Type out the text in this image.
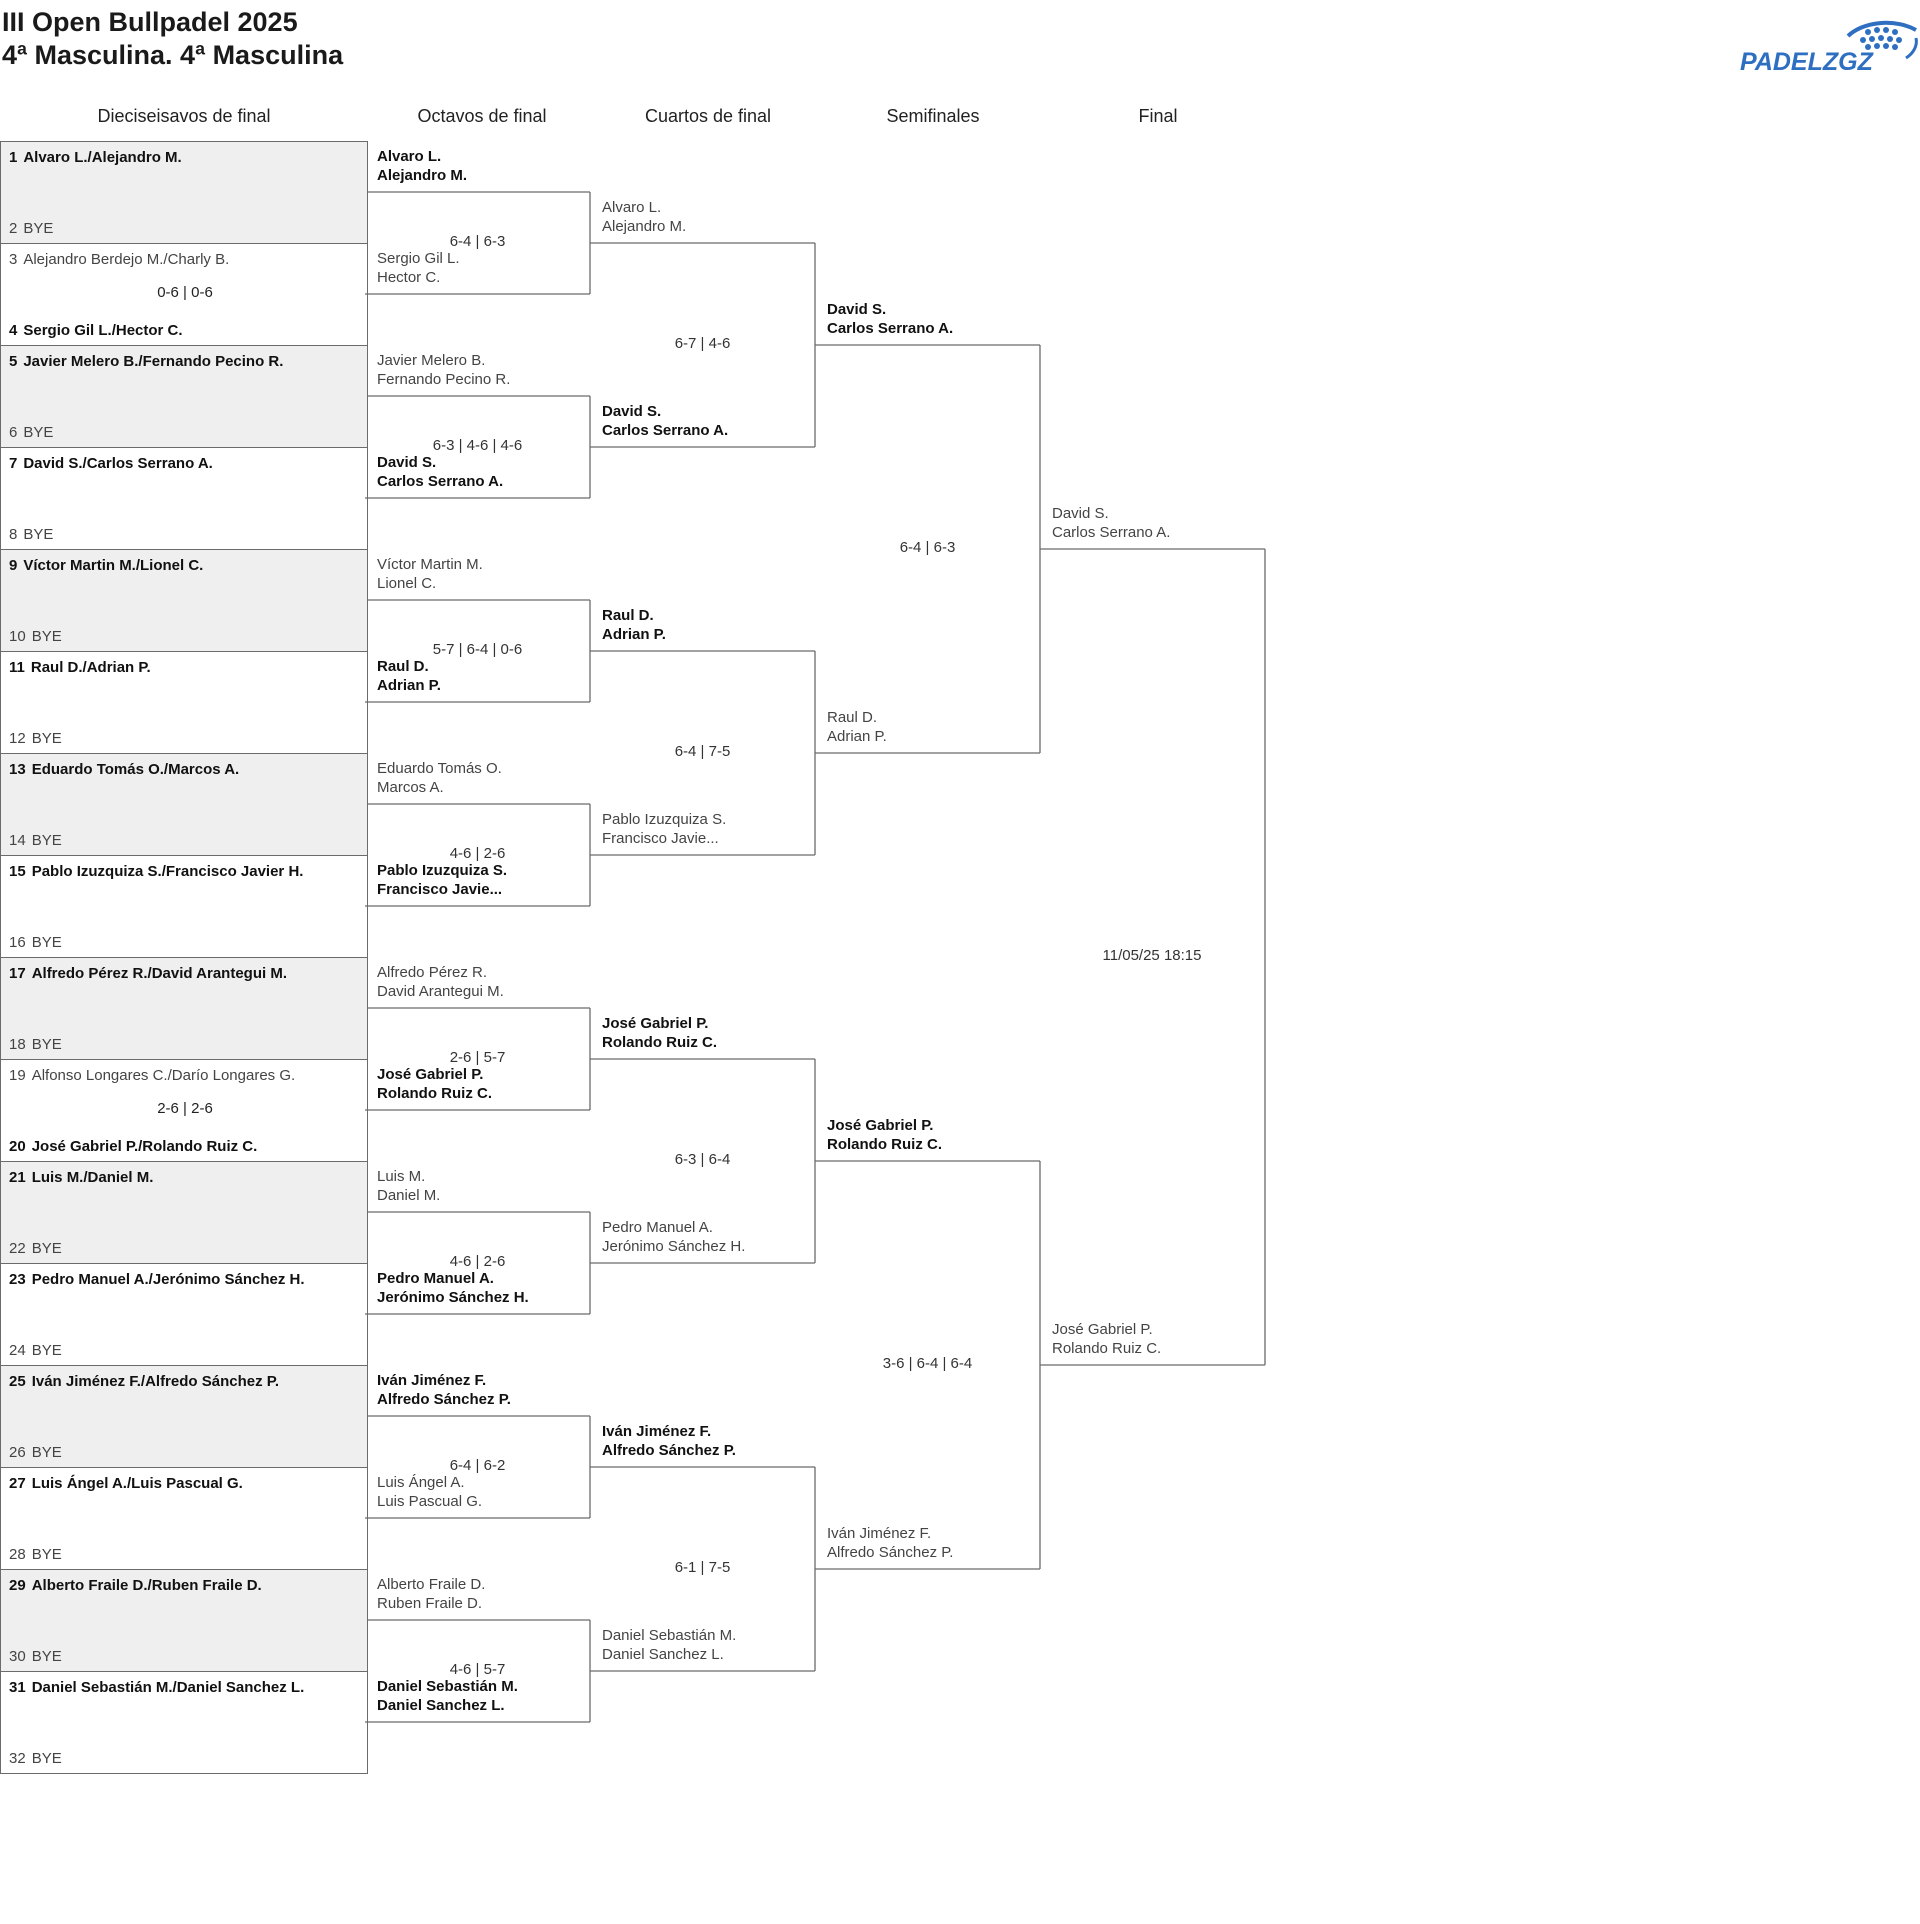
III Open Bullpadel 2025
4ª Masculina. 4ª Masculina	PADELZGZ
Dieciseisavos de final	Octavos de final	Cuartos de final	Semifinales	Final
1 Alvaro L./Alejandro M.
2 BYE
3 Alejandro Berdejo M./Charly B.
4 Sergio Gil L./Hector C.
0-6 | 0-6
5 Javier Melero B./Fernando Pecino R.
6 BYE
7 David S./Carlos Serrano A.
8 BYE
9 Víctor Martin M./Lionel C.
10 BYE
11 Raul D./Adrian P.
12 BYE
13 Eduardo Tomás O./Marcos A.
14 BYE
15 Pablo Izuzquiza S./Francisco Javier H.
16 BYE
17 Alfredo Pérez R./David Arantegui M.
18 BYE
19 Alfonso Longares C./Darío Longares G.
20 José Gabriel P./Rolando Ruiz C.
2-6 | 2-6
21 Luis M./Daniel M.
22 BYE
23 Pedro Manuel A./Jerónimo Sánchez H.
24 BYE
25 Iván Jiménez F./Alfredo Sánchez P.
26 BYE
27 Luis Ángel A./Luis Pascual G.
28 BYE
29 Alberto Fraile D./Ruben Fraile D.
30 BYE
31 Daniel Sebastián M./Daniel Sanchez L.
32 BYE
Alvaro L.
Alejandro M.
Sergio Gil L.
Hector C.
6-4 | 6-3
Javier Melero B.
Fernando Pecino R.
David S.
Carlos Serrano A.
6-3 | 4-6 | 4-6
Víctor Martin M.
Lionel C.
Raul D.
Adrian P.
5-7 | 6-4 | 0-6
Eduardo Tomás O.
Marcos A.
Pablo Izuzquiza S.
Francisco Javie...
4-6 | 2-6
Alfredo Pérez R.
David Arantegui M.
José Gabriel P.
Rolando Ruiz C.
2-6 | 5-7
Luis M.
Daniel M.
Pedro Manuel A.
Jerónimo Sánchez H.
4-6 | 2-6
Iván Jiménez F.
Alfredo Sánchez P.
Luis Ángel A.
Luis Pascual G.
6-4 | 6-2
Alberto Fraile D.
Ruben Fraile D.
Daniel Sebastián M.
Daniel Sanchez L.
4-6 | 5-7
Alvaro L.
Alejandro M.
David S.
Carlos Serrano A.
6-7 | 4-6
Raul D.
Adrian P.
Pablo Izuzquiza S.
Francisco Javie...
6-4 | 7-5
José Gabriel P.
Rolando Ruiz C.
Pedro Manuel A.
Jerónimo Sánchez H.
6-3 | 6-4
Iván Jiménez F.
Alfredo Sánchez P.
Daniel Sebastián M.
Daniel Sanchez L.
6-1 | 7-5
David S.
Carlos Serrano A.
Raul D.
Adrian P.
6-4 | 6-3
José Gabriel P.
Rolando Ruiz C.
Iván Jiménez F.
Alfredo Sánchez P.
3-6 | 6-4 | 6-4
David S.
Carlos Serrano A.
José Gabriel P.
Rolando Ruiz C.
11/05/25 18:15
